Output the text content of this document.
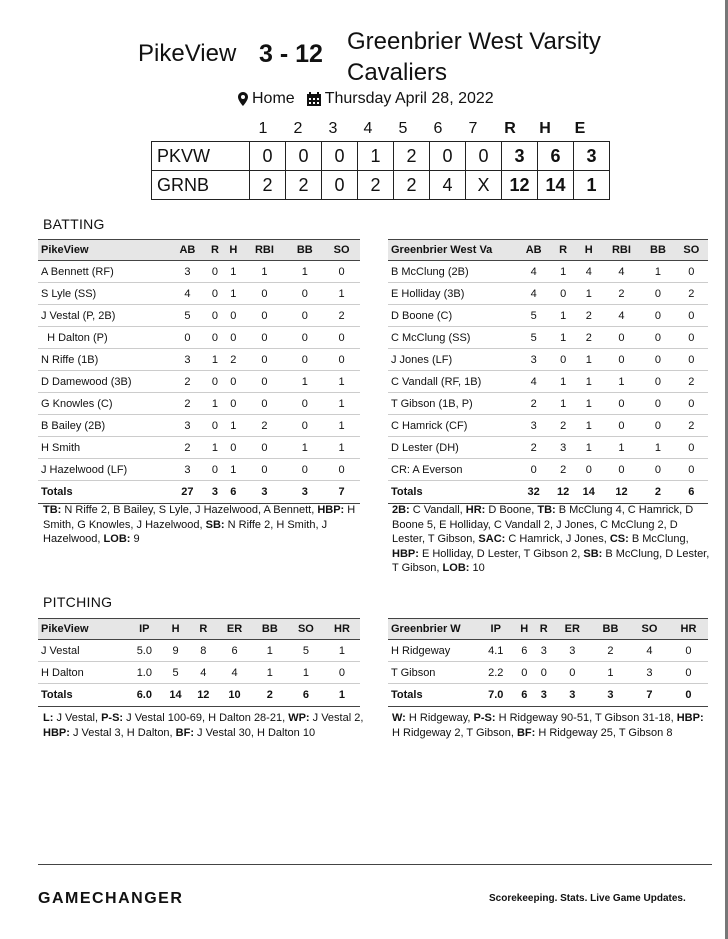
PikeView 3 - 12 Greenbrier West Varsity
Cavaliers
Home Thursday April 28, 2022
1	2	3	4	5	6	7	R	H	E
PKVW	0	0	0	1	2	0	0	3	6	3
GRNB	2	2	0	2	2	4	X	12	14	1
BATTING
PikeView	AB	R	H	RBI	BB	SO
A Bennett (RF)	3	0	1	1	1	0
S Lyle (SS)	4	0	1	0	0	1
J Vestal (P, 2B)	5	0	0	0	0	2
H Dalton (P)	0	0	0	0	0	0
N Riffe (1B)	3	1	2	0	0	0
D Damewood (3B)	2	0	0	0	1	1
G Knowles (C)	2	1	0	0	0	1
B Bailey (2B)	3	0	1	2	0	1
H Smith	2	1	0	0	1	1
J Hazelwood (LF)	3	0	1	0	0	0
Totals	27	3	6	3	3	7
Greenbrier West Va	AB	R	H	RBI	BB	SO
B McClung (2B)	4	1	4	4	1	0
E Holliday (3B)	4	0	1	2	0	2
D Boone (C)	5	1	2	4	0	0
C McClung (SS)	5	1	2	0	0	0
J Jones (LF)	3	0	1	0	0	0
C Vandall (RF, 1B)	4	1	1	1	0	2
T Gibson (1B, P)	2	1	1	0	0	0
C Hamrick (CF)	3	2	1	0	0	2
D Lester (DH)	2	3	1	1	1	0
CR: A Everson	0	2	0	0	0	0
Totals	32	12	14	12	2	6
TB: N Riffe 2, B Bailey, S Lyle, J Hazelwood, A Bennett, HBP: H Smith, G Knowles, J Hazelwood, SB: N Riffe 2, H Smith, J Hazelwood, LOB: 9
2B: C Vandall, HR: D Boone, TB: B McClung 4, C Hamrick, D Boone 5, E Holliday, C Vandall 2, J Jones, C McClung 2, D Lester, T Gibson, SAC: C Hamrick, J Jones, CS: B McClung, HBP: E Holliday, D Lester, T Gibson 2, SB: B McClung, D Lester, T Gibson, LOB: 10
PITCHING
PikeView	IP	H	R	ER	BB	SO	HR
J Vestal	5.0	9	8	6	1	5	1
H Dalton	1.0	5	4	4	1	1	0
Totals	6.0	14	12	10	2	6	1
Greenbrier W	IP	H	R	ER	BB	SO	HR
H Ridgeway	4.1	6	3	3	2	4	0
T Gibson	2.2	0	0	0	1	3	0
Totals	7.0	6	3	3	3	7	0
L: J Vestal, P-S: J Vestal 100-69, H Dalton 28-21, WP: J Vestal 2, HBP: J Vestal 3, H Dalton, BF: J Vestal 30, H Dalton 10
W: H Ridgeway, P-S: H Ridgeway 90-51, T Gibson 31-18, HBP: H Ridgeway 2, T Gibson, BF: H Ridgeway 25, T Gibson 8
GAMECHANGER	Scorekeeping. Stats. Live Game Updates.
